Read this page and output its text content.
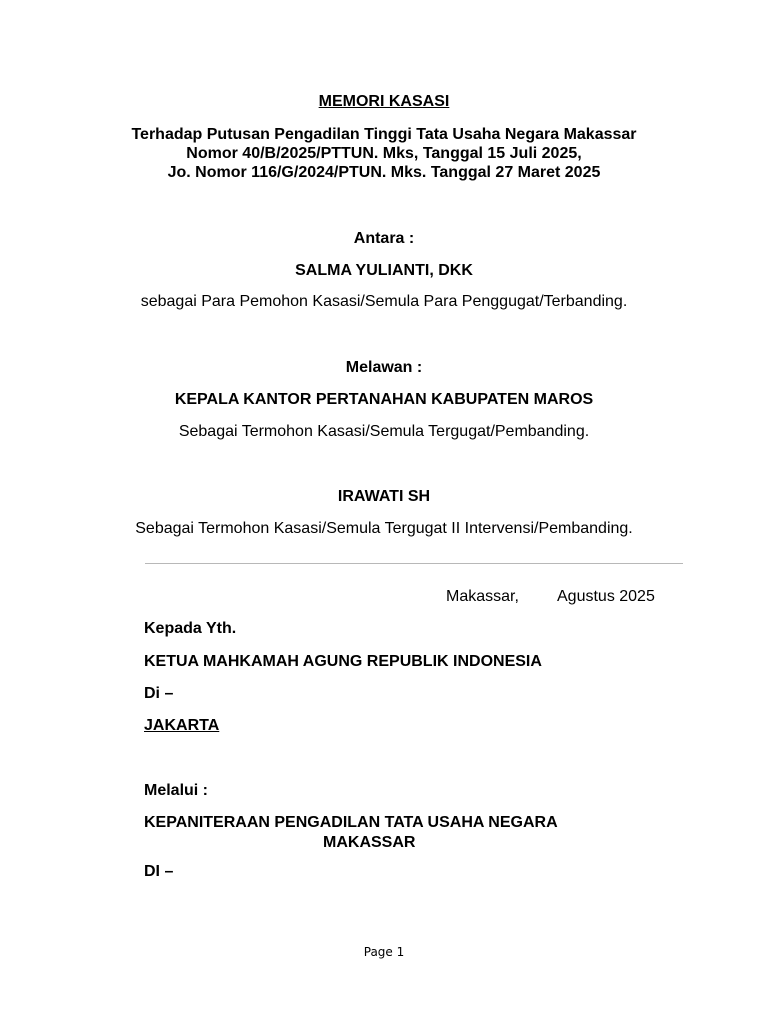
MEMORI KASASI
Terhadap Putusan Pengadilan Tinggi Tata Usaha Negara Makassar
Nomor 40/B/2025/PTTUN. Mks, Tanggal 15 Juli 2025,
Jo. Nomor 116/G/2024/PTUN. Mks. Tanggal 27 Maret 2025
Antara :
SALMA YULIANTI, DKK
sebagai Para Pemohon Kasasi/Semula Para Penggugat/Terbanding.
Melawan :
KEPALA KANTOR PERTANAHAN KABUPATEN MAROS
Sebagai Termohon Kasasi/Semula Tergugat/Pembanding.
IRAWATI SH
Sebagai Termohon Kasasi/Semula Tergugat II Intervensi/Pembanding.
Makassar, Agustus 2025
Kepada Yth.
KETUA MAHKAMAH AGUNG REPUBLIK INDONESIA
Di –
JAKARTA
Melalui :
KEPANITERAAN PENGADILAN TATA USAHA NEGARA
MAKASSAR
DI –
Page 1
